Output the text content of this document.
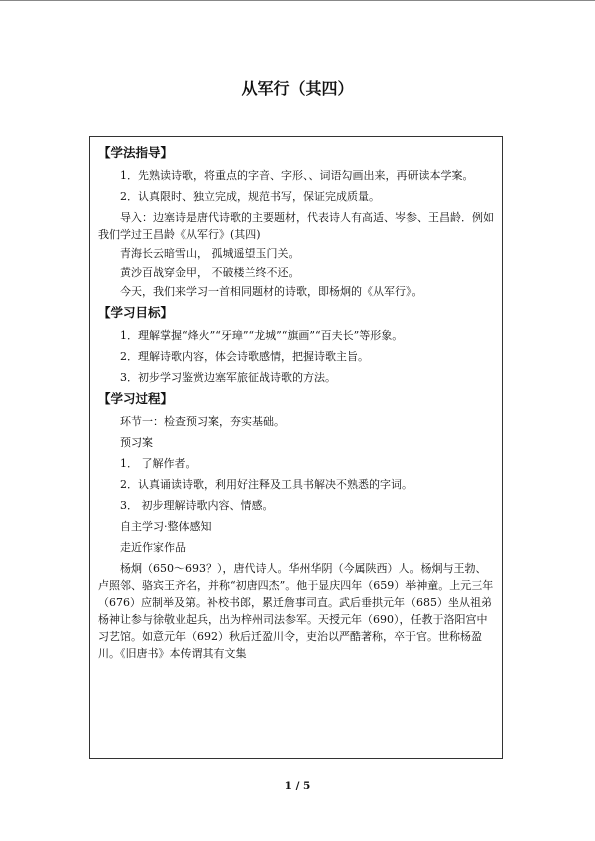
从军行（其四）
【学法指导】
1．先熟读诗歌，将重点的字音、字形、、词语勾画出来，再研读本学案。
2．认真限时、独立完成，规范书写，保证完成质量。
导入：边塞诗是唐代诗歌的主要题材，代表诗人有高适、岑参、王昌龄．例如我们学过王昌龄《从军行》(其四)
青海长云暗雪山， 孤城遥望玉门关。
黄沙百战穿金甲， 不破楼兰终不还。
今天，我们来学习一首相同题材的诗歌，即杨炯的《从军行》。
【学习目标】
1．理解掌握“烽火”“牙璋”“龙城”“旗画”“百夫长”等形象。
2．理解诗歌内容，体会诗歌感情，把握诗歌主旨。
3．初步学习鉴赏边塞军旅征战诗歌的方法。
【学习过程】
环节一：检查预习案，夯实基础。
预习案
1． 了解作者。
2．认真诵读诗歌，利用好注释及工具书解决不熟悉的字词。
3． 初步理解诗歌内容、情感。
自主学习·整体感知
走近作家作品
杨炯（650～693？），唐代诗人。华州华阴（今属陕西）人。杨炯与王勃、卢照邻、骆宾王齐名，并称“初唐四杰”。他于显庆四年（659）举神童。上元三年（676）应制举及第。补校书郎，累迁詹事司直。武后垂拱元年（685）坐从祖弟杨神让参与徐敬业起兵，出为梓州司法参军。天授元年（690），任教于洛阳宫中习艺馆。如意元年（692）秋后迁盈川令，吏治以严酷著称，卒于官。世称杨盈川。《旧唐书》本传谓其有文集
1 / 5
